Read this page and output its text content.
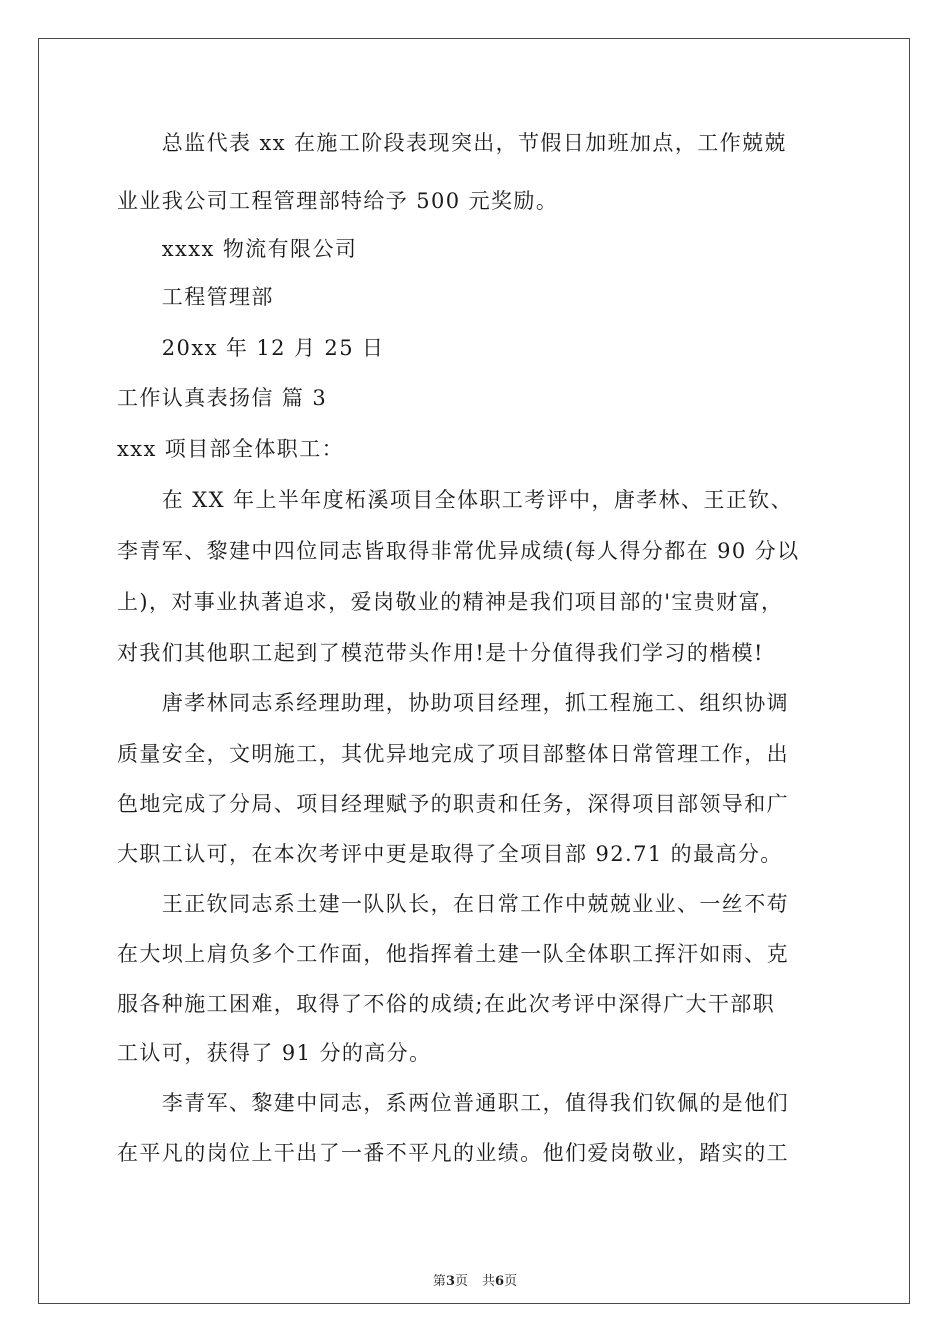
　　总监代表 xx 在施工阶段表现突出，节假日加班加点，工作兢兢
业业我公司工程管理部特给予 500 元奖励。
　　xxxx 物流有限公司
　　工程管理部
　　20xx 年 12 月 25 日
工作认真表扬信 篇 3
xxx 项目部全体职工：
　　在 XX 年上半年度柘溪项目全体职工考评中，唐孝林、王正钦、
李青军、黎建中四位同志皆取得非常优异成绩(每人得分都在 90 分以
上)，对事业执著追求，爱岗敬业的精神是我们项目部的'宝贵财富，
对我们其他职工起到了模范带头作用!是十分值得我们学习的楷模!
　　唐孝林同志系经理助理，协助项目经理，抓工程施工、组织协调
质量安全，文明施工，其优异地完成了项目部整体日常管理工作，出
色地完成了分局、项目经理赋予的职责和任务，深得项目部领导和广
大职工认可，在本次考评中更是取得了全项目部 92.71 的最高分。
　　王正钦同志系土建一队队长，在日常工作中兢兢业业、一丝不苟
在大坝上肩负多个工作面，他指挥着土建一队全体职工挥汗如雨、克
服各种施工困难，取得了不俗的成绩;在此次考评中深得广大干部职
工认可，获得了 91 分的高分。
　　李青军、黎建中同志，系两位普通职工，值得我们钦佩的是他们
在平凡的岗位上干出了一番不平凡的业绩。他们爱岗敬业，踏实的工
第3页 共6页
